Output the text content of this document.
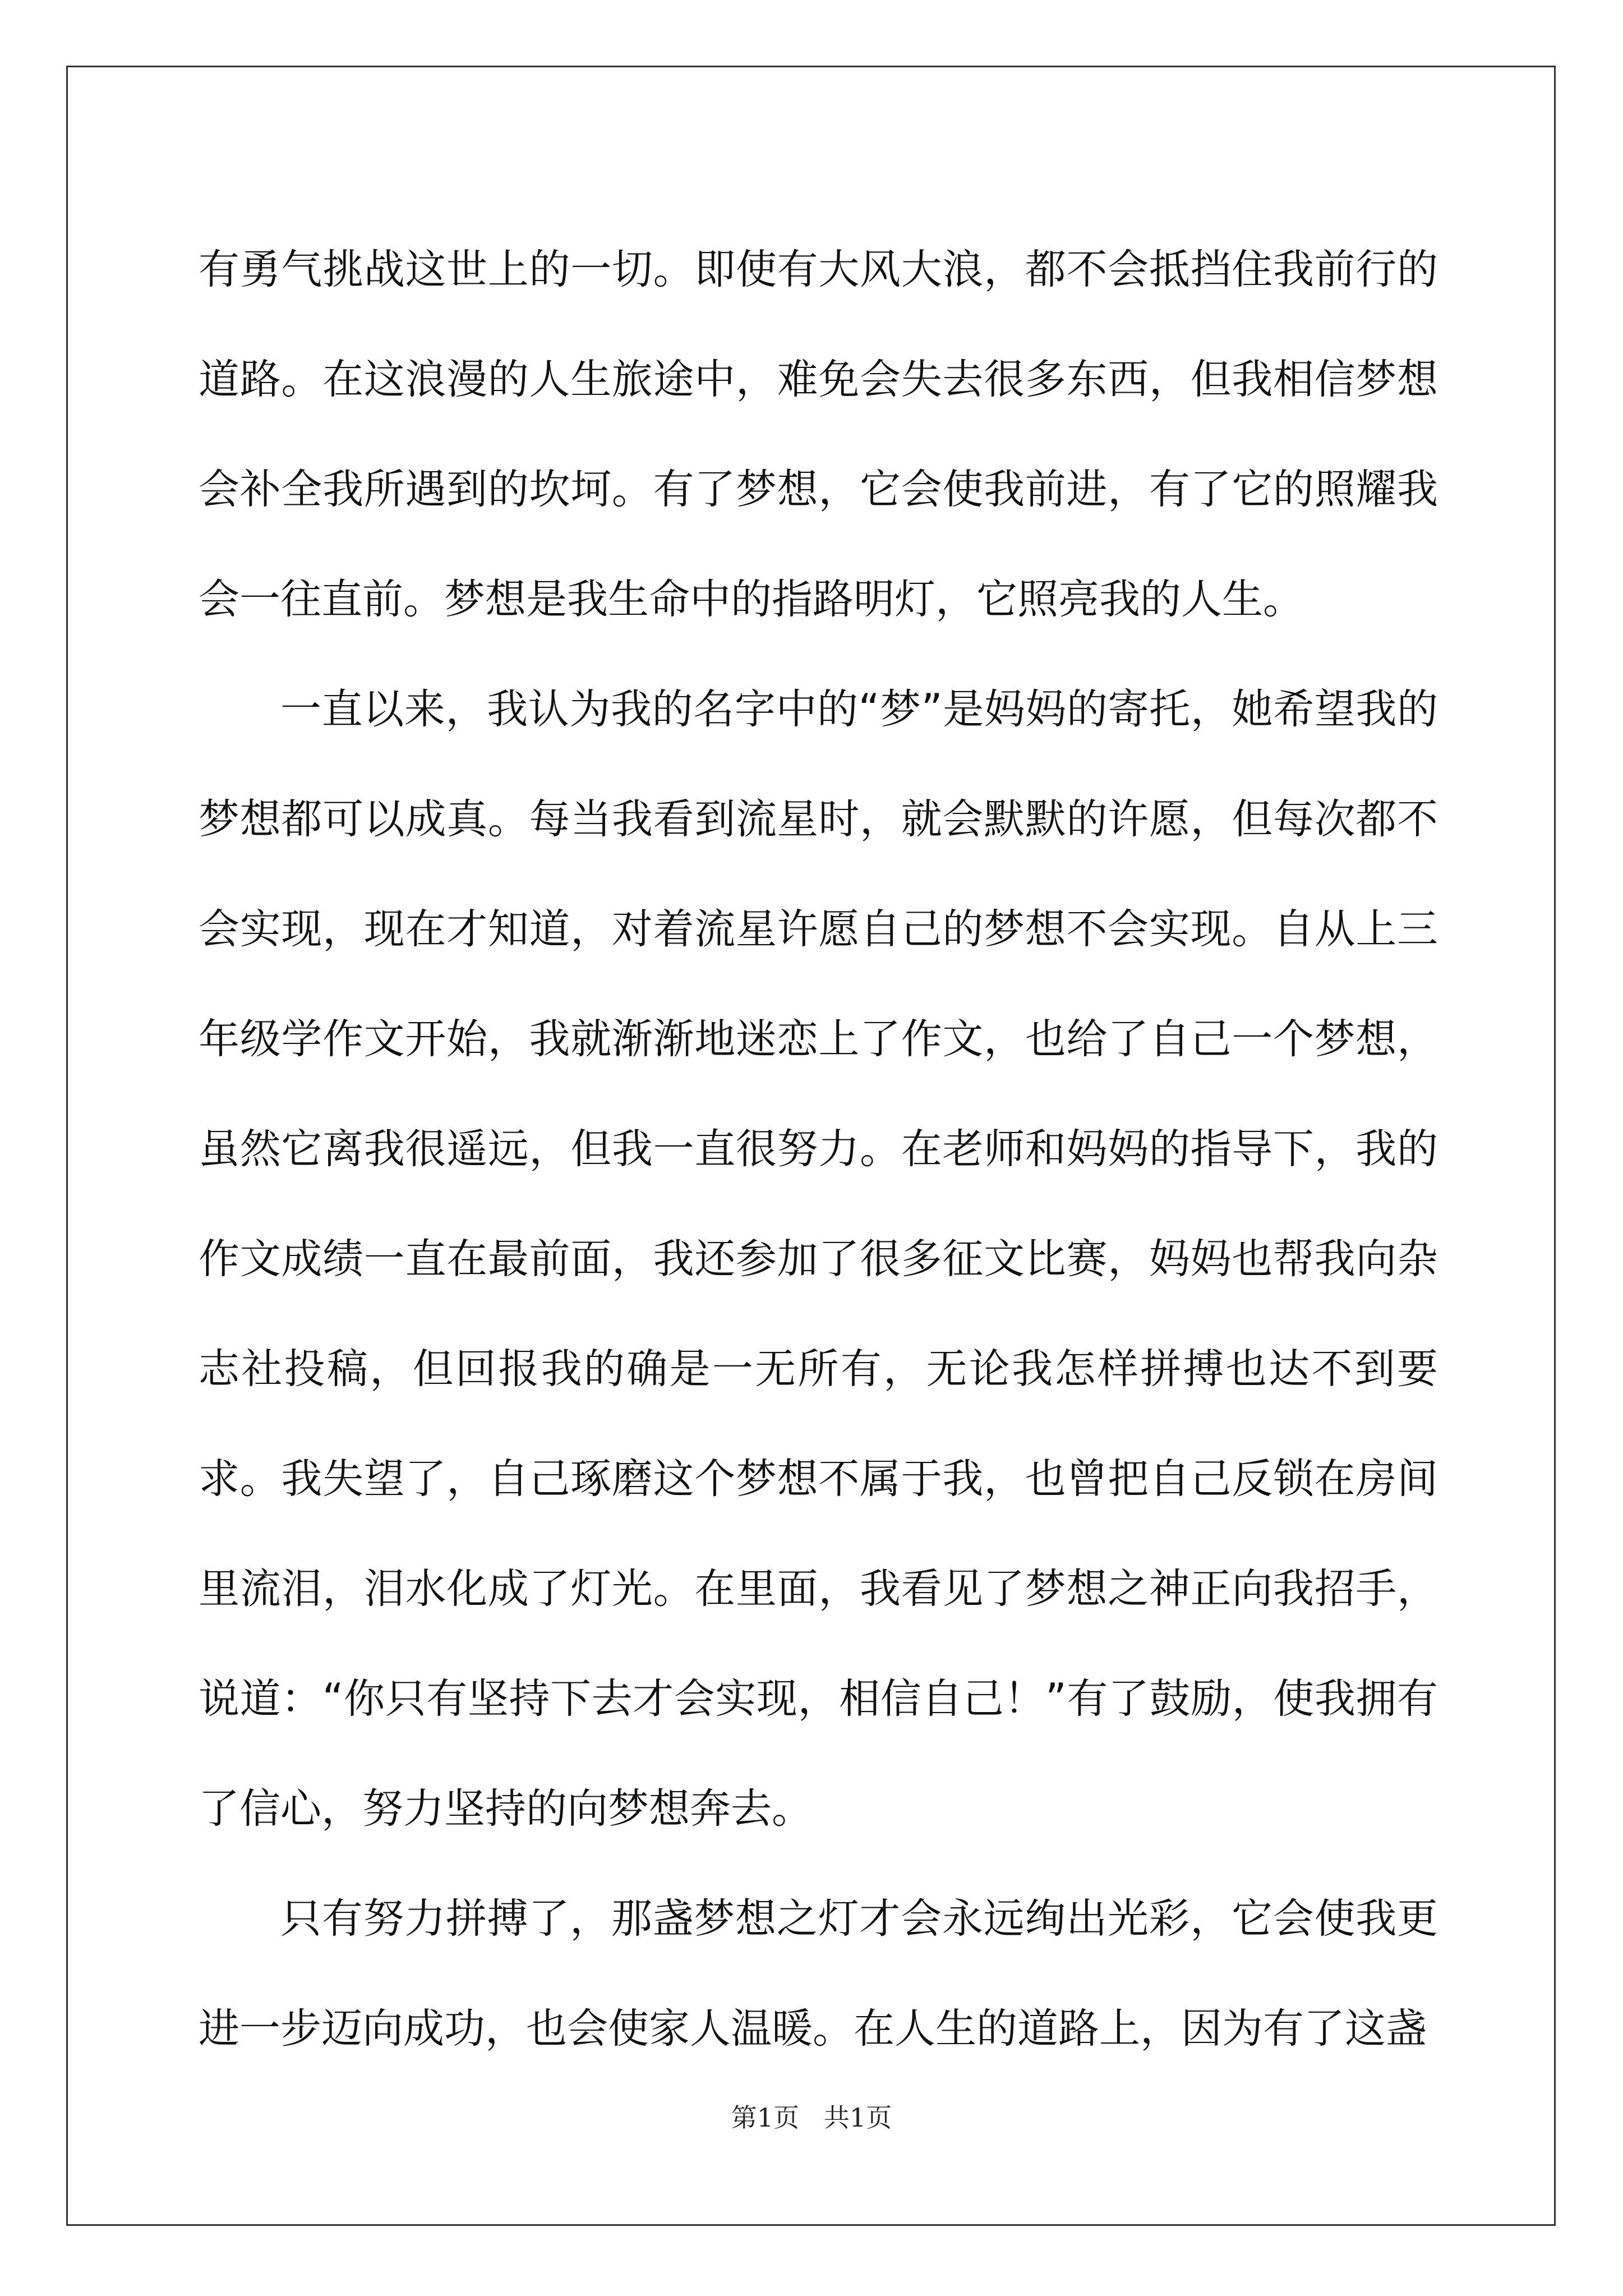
有勇气挑战这世上的一切。即使有大风大浪，都不会抵挡住我前行的道路。在这浪漫的人生旅途中，难免会失去很多东西，但我相信梦想会补全我所遇到的坎坷。有了梦想，它会使我前进，有了它的照耀我会一往直前。梦想是我生命中的指路明灯，它照亮我的人生。

一直以来，我认为我的名字中的“梦”是妈妈的寄托，她希望我的梦想都可以成真。每当我看到流星时，就会默默的许愿，但每次都不会实现，现在才知道，对着流星许愿自己的梦想不会实现。自从上三年级学作文开始，我就渐渐地迷恋上了作文，也给了自己一个梦想，虽然它离我很遥远，但我一直很努力。在老师和妈妈的指导下，我的作文成绩一直在最前面，我还参加了很多征文比赛，妈妈也帮我向杂志社投稿，但回报我的确是一无所有，无论我怎样拼搏也达不到要求。我失望了，自己琢磨这个梦想不属于我，也曾把自己反锁在房间里流泪，泪水化成了灯光。在里面，我看见了梦想之神正向我招手，说道：“你只有坚持下去才会实现，相信自己！”有了鼓励，使我拥有了信心，努力坚持的向梦想奔去。

只有努力拼搏了，那盏梦想之灯才会永远绚出光彩，它会使我更进一步迈向成功，也会使家人温暖。在人生的道路上，因为有了这盏

第1页   共1页
